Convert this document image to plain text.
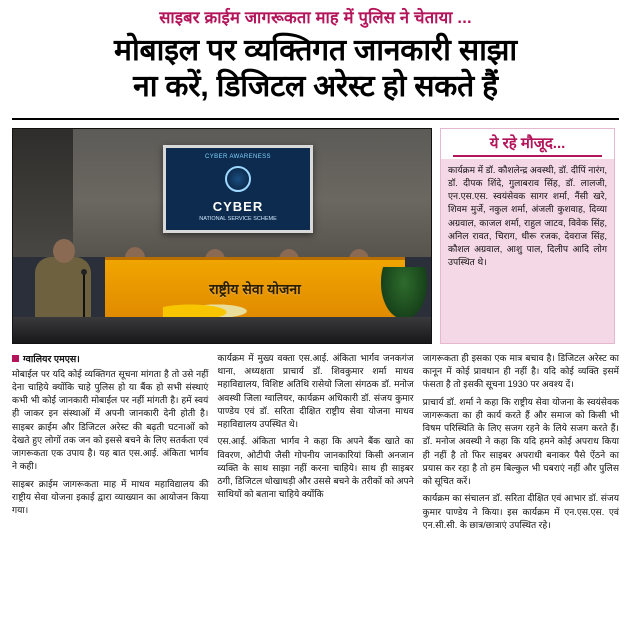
साइबर क्राईम जागरूकता माह में पुलिस ने चेताया ...
मोबाइल पर व्यक्तिगत जानकारी साझा
ना करें, डिजिटल अरेस्ट हो सकते हैं
CYBER AWARENESS
CYBER
NATIONAL SERVICE SCHEME
राष्ट्रीय सेवा योजना
ये रहे मौजूद...
कार्यक्रम में डॉ. कौशलेन्द्र अवस्थी, डॉ. दीपिं नारंग, डॉ. दीपक शिंदे, गुलाबराव सिंह, डॉ. लालजी, एन.एस.एस. स्वयंसेवक सागर शर्मा, नैंसी खरे, शिवम मुर्जे, नकुल शर्मा, अंजली कुशवाह, दिव्या अग्रवाल, काजल शर्मा, राहुल जाटव, विवेक सिंह, अनिल रावत, चिराग, धीरू रजक, देवराज सिंह, कौशल अग्रवाल, आशु पाल, दिलीप आदि लोग उपस्थित थे।
ग्वालियर एमएस।

मोबाईल पर यदि कोई व्यक्तिगत सूचना मांगता है तो उसे नहीं देना चाहिये क्योंकि चाहे पुलिस हो या बैंक हो सभी संस्थाएं कभी भी कोई जानकारी मोबाईल पर नहीं मांगती है। हमें स्वयं ही जाकर इन संस्थाओं में अपनी जानकारी देनी होती है। साइबर क्राईम और डिजिटल अरेस्ट की बढ़ती घटनाओं को देखते हुए लोगों तक जन को इससे बचने के लिए सतर्कता एवं जागरूकता एक उपाय है। यह बात एस.आई. अंकिता भार्गव ने कही।

साइबर क्राईम जागरूकता माह में माधव महाविद्यालय की राष्ट्रीय सेवा योजना इकाई द्वारा व्याख्यान का आयोजन किया गया।

कार्यक्रम में मुख्य वक्ता एस.आई. अंकिता भार्गव जनकगंज थाना, अध्यक्षता प्राचार्य डॉ. शिवकुमार शर्मा माधव महाविद्यालय, विशिष्ट अतिथि रासेयो जिला संगठक डॉ. मनोज अवस्थी जिला ग्वालियर, कार्यक्रम अधिकारी डॉ. संजय कुमार पाण्डेय एवं डॉ. सरिता दीक्षित राष्ट्रीय सेवा योजना माधव महाविद्यालय उपस्थित थे।

एस.आई. अंकिता भार्गव ने कहा कि अपने बैंक खाते का विवरण, ओटीपी जैसी गोपनीय जानकारियां किसी अनजान व्यक्ति के साथ साझा नहीं करना चाहिये। साथ ही साइबर ठगी, डिजिटल धोखाधड़ी और उससे बचने के तरीकों को अपने साथियों को बताना चाहिये क्योंकि

जागरूकता ही इसका एक मात्र बचाव है। डिजिटल अरेस्ट का कानून में कोई प्रावधान ही नहीं है। यदि कोई व्यक्ति इसमें फंसता है तो इसकी सूचना 1930 पर अवश्य दें।

प्राचार्य डॉ. शर्मा ने कहा कि राष्ट्रीय सेवा योजना के स्वयंसेवक जागरूकता का ही कार्य करते हैं और समाज को किसी भी विषम परिस्थिति के लिए सजग रहने के लिये सजग करते हैं। डॉ. मनोज अवस्थी ने कहा कि यदि हमने कोई अपराध किया ही नहीं है तो फिर साइबर अपराधी बनाकर पैसे ऐंठने का प्रयास कर रहा है तो हम बिल्कुल भी घबराएं नहीं और पुलिस को सूचित करें।

कार्यक्रम का संचालन डॉ. सरिता दीक्षित एवं आभार डॉ. संजय कुमार पाण्डेय ने किया। इस कार्यक्रम में एन.एस.एस. एवं एन.सी.सी. के छात्र/छात्राएं उपस्थित रहे।
